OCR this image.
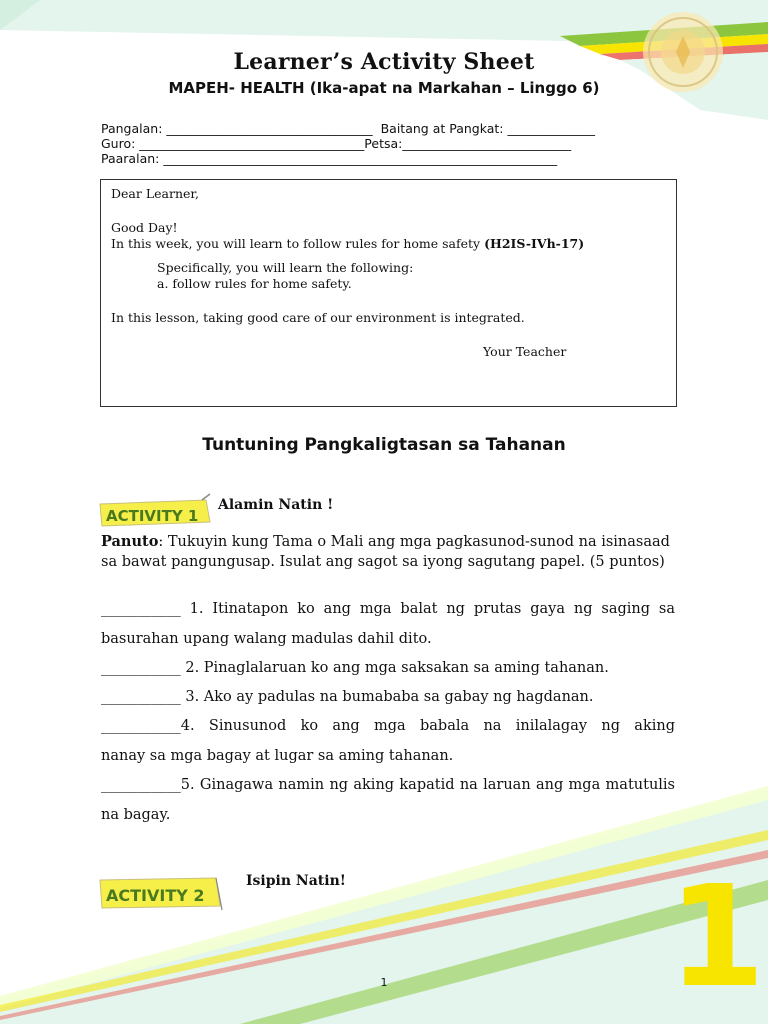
Learner’s Activity Sheet
MAPEH- HEALTH (Ika-apat na Markahan – Linggo 6)
Pangalan: _________________________________  Baitang at Pangkat: ______________
Guro: ____________________________________Petsa:___________________________
Paaralan: _______________________________________________________________
Dear Learner,
Good Day!
In this week, you will learn to follow rules for home safety (H2IS-IVh-17)
Specifically, you will learn the following:
a. follow rules for home safety.
In this lesson, taking good care of our environment is integrated.
Your Teacher
Tuntuning Pangkaligtasan sa Tahanan
ACTIVITY 1
Alamin Natin !
Panuto: Tukuyin kung Tama o Mali ang mga pagkasunod-sunod na isinasaad sa bawat pangungusap. Isulat ang sagot sa iyong sagutang papel. (5 puntos)
___________ 1. Itinatapon ko ang mga balat ng prutas gaya ng saging sa
basurahan upang walang madulas dahil dito.
___________ 2. Pinaglalaruan ko ang mga saksakan sa aming tahanan.
___________ 3. Ako ay padulas na bumababa sa gabay ng hagdanan.
___________4. Sinusunod ko ang mga babala na inilalagay ng aking
nanay sa mga bagay at lugar sa aming tahanan.
___________5. Ginagawa namin ng aking kapatid na laruan ang mga matutulis
na bagay.
ACTIVITY 2
Isipin Natin!
1	1
